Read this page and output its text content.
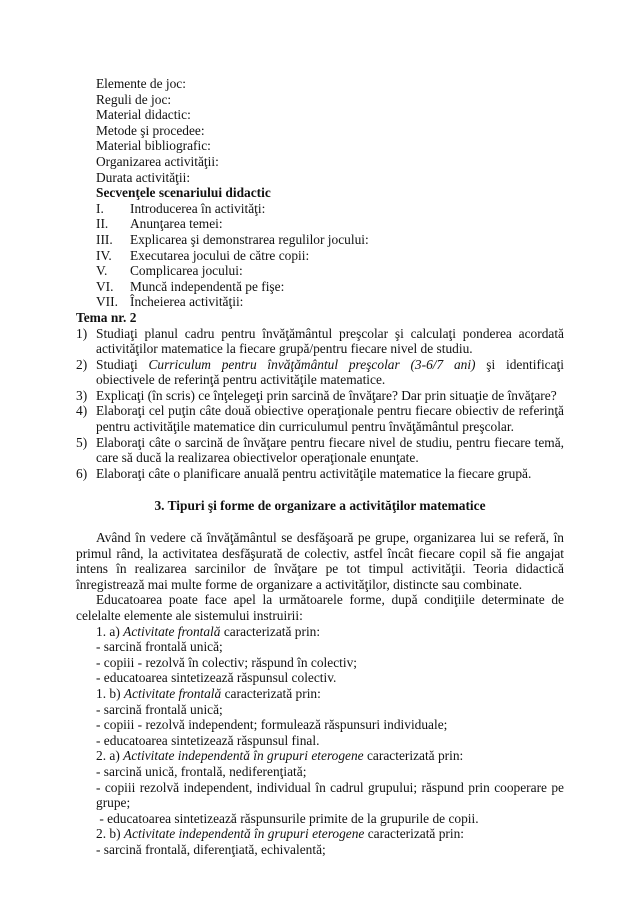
Elemente de joc:
Reguli de joc:
Material didactic:
Metode şi procedee:
Material bibliografic:
Organizarea activităţii:
Durata activităţii:
Secvenţele scenariului didactic
I.	Introducerea în activităţi:
II.	Anunţarea temei:
III.	Explicarea şi demonstrarea regulilor jocului:
IV.	Executarea jocului de către copii:
V.	Complicarea jocului:
VI.	Muncă independentă pe fişe:
VII. Încheierea activităţii:
Tema nr. 2
1) Studiaţi planul cadru pentru învăţământul preşcolar şi calculaţi ponderea acordată activităţilor matematice la fiecare grupă/pentru fiecare nivel de studiu.
2) Studiaţi Curriculum pentru învăţământul preşcolar (3-6/7 ani) şi identificaţi obiectivele de referinţă pentru activităţile matematice.
3) Explicaţi (în scris) ce înţelegeţi prin sarcină de învăţare? Dar prin situaţie de învăţare?
4) Elaboraţi cel puţin câte două obiective operaţionale pentru fiecare obiectiv de referinţă pentru activităţile matematice din curriculumul pentru învăţământul preşcolar.
5) Elaboraţi câte o sarcină de învăţare pentru fiecare nivel de studiu, pentru fiecare temă, care să ducă la realizarea obiectivelor operaţionale enunţate.
6) Elaboraţi câte o planificare anuală pentru activităţile matematice la fiecare grupă.
3. Tipuri şi forme de organizare a activităţilor matematice
Având în vedere că învăţământul se desfăşoară pe grupe, organizarea lui se referă, în primul rând, la activitatea desfăşurată de colectiv, astfel încât fiecare copil să fie angajat intens în realizarea sarcinilor de învăţare pe tot timpul activităţii. Teoria didactică înregistrează mai multe forme de organizare a activităţilor, distincte sau combinate.
Educatoarea poate face apel la următoarele forme, după condiţiile determinate de celelalte elemente ale sistemului instruirii:
1. a) Activitate frontală caracterizată prin:
- sarcină frontală unică;
- copiii - rezolvă în colectiv; răspund în colectiv;
- educatoarea sintetizează răspunsul colectiv.
1. b) Activitate frontală caracterizată prin:
- sarcină frontală unică;
- copiii - rezolvă independent; formulează răspunsuri individuale;
- educatoarea sintetizează răspunsul final.
2. a) Activitate independentă în grupuri eterogene caracterizată prin:
- sarcină unică, frontală, nediferenţiată;
- copiii rezolvă independent, individual în cadrul grupului; răspund prin cooperare pe grupe;
- educatoarea sintetizează răspunsurile primite de la grupurile de copii.
2. b) Activitate independentă în grupuri eterogene caracterizată prin:
- sarcină frontală, diferenţiată, echivalentă;
